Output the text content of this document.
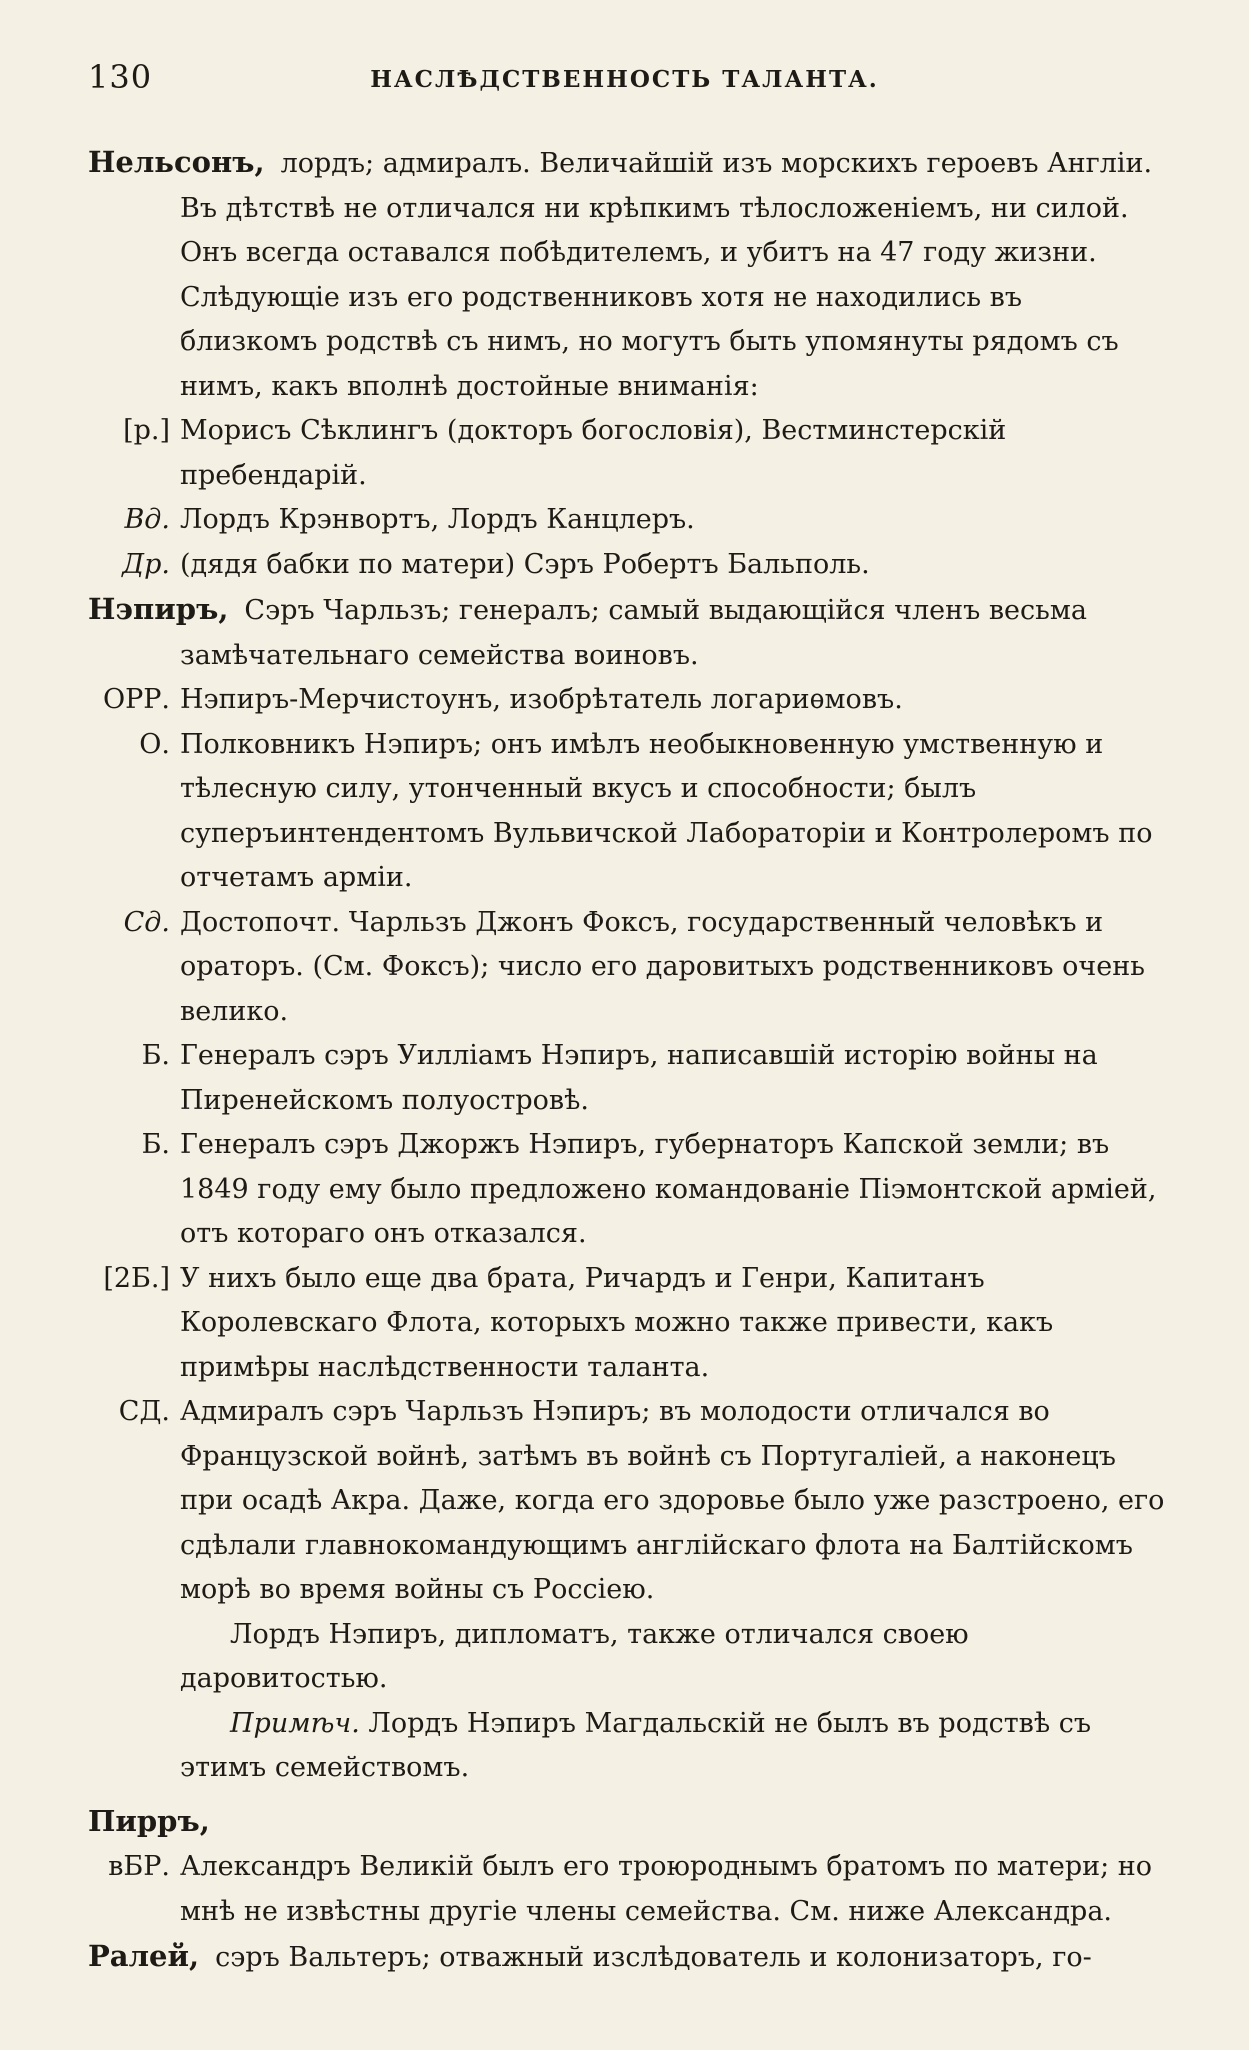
130	НАСЛѢДСТВЕННОСТЬ ТАЛАНТА.
Нельсонъ, лордъ; адмиралъ. Величайшій изъ морскихъ героевъ Англіи. Въ дѣтствѣ не отличался ни крѣпкимъ тѣлосложеніемъ, ни силой. Онъ всегда оставался побѣдителемъ, и убитъ на 47 году жизни. Слѣдующіе изъ его родственниковъ хотя не находились въ близкомъ родствѣ съ нимъ, но могутъ быть упомянуты рядомъ съ нимъ, какъ вполнѣ достойные вниманія:
[р.] Морисъ Сѣклингъ (докторъ богословія), Вестминстерскій пребендарій.
Вд. Лордъ Крэнвортъ, Лордъ Канцлеръ.
Др. (дядя бабки по матери) Сэръ Робертъ Бальполь.
Нэпиръ, Сэръ Чарльзъ; генералъ; самый выдающійся членъ весьма замѣчательнаго семейства воиновъ.
ОРР. Нэпиръ-Мерчистоунъ, изобрѣтатель логариѳмовъ.
О. Полковникъ Нэпиръ; онъ имѣлъ необыкновенную умственную и тѣлесную силу, утонченный вкусъ и способности; былъ суперъинтендентомъ Вульвичской Лабораторіи и Контролеромъ по отчетамъ арміи.
Сд. Достопочт. Чарльзъ Джонъ Фоксъ, государственный человѣкъ и ораторъ. (См. Фоксъ); число его даровитыхъ родственниковъ очень велико.
Б. Генералъ сэръ Уилліамъ Нэпиръ, написавшій исторію войны на Пиренейскомъ полуостровѣ.
Б. Генералъ сэръ Джоржъ Нэпиръ, губернаторъ Капской земли; въ 1849 году ему было предложено командованіе Піэмонтской арміей, отъ котораго онъ отказался.
[2Б.] У нихъ было еще два брата, Ричардъ и Генри, Капитанъ Королевскаго Флота, которыхъ можно также привести, какъ примѣры наслѣдственности таланта.
СД. Адмиралъ сэръ Чарльзъ Нэпиръ; въ молодости отличался во Французской войнѣ, затѣмъ въ войнѣ съ Португаліей, а наконецъ при осадѣ Акра. Даже, когда его здоровье было уже разстроено, его сдѣлали главнокомандующимъ англійскаго флота на Балтійскомъ морѣ во время войны съ Россіею.
Лордъ Нэпиръ, дипломатъ, также отличался своею даровитостью.
Примѣч. Лордъ Нэпиръ Магдальскій не былъ въ родствѣ съ этимъ семействомъ.
Пирръ,
вБР. Александръ Великій былъ его троюроднымъ братомъ по матери; но мнѣ не извѣстны другіе члены семейства. См. ниже Александра.
Ралей, сэръ Вальтеръ; отважный изслѣдователь и колонизаторъ, го-
